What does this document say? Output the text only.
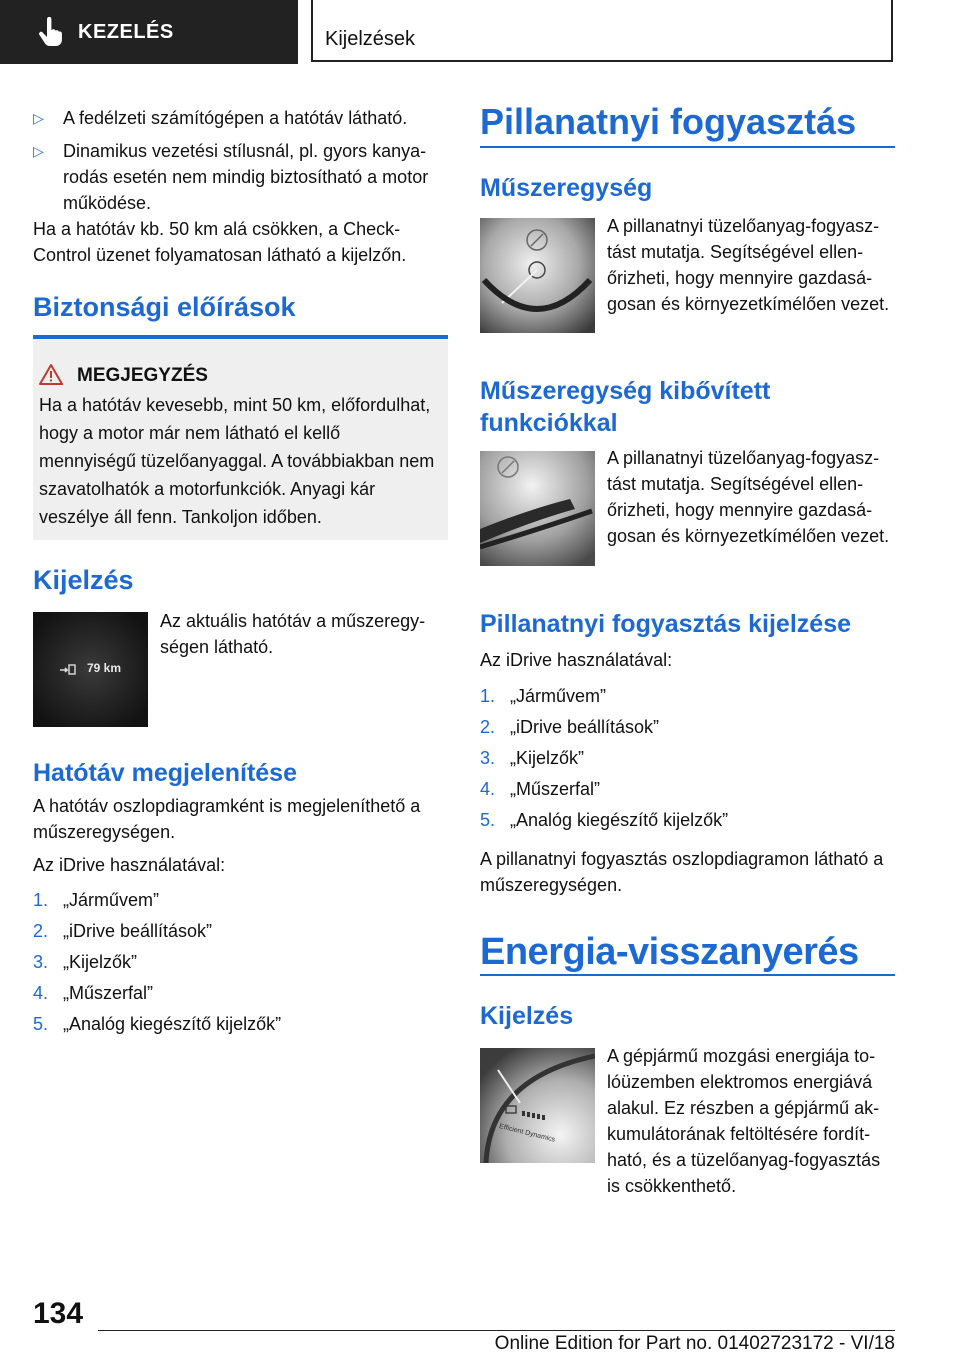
KEZELÉS	Kijelzések
▷ A fedélzeti számítógépen a hatótáv látható.
▷ Dinamikus vezetési stílusnál, pl. gyors kanyarodás esetén nem mindig biztosítható a motor működése.
Ha a hatótáv kb. 50 km alá csökken, a Check-Control üzenet folyamatosan látható a kijelzőn.
Biztonsági előírások
MEGJEGYZÉS
Ha a hatótáv kevesebb, mint 50 km, előfordulhat, hogy a motor már nem látható el kellő mennyiségű tüzelőanyaggal. A továbbiakban nem szavatolhatók a motorfunkciók. Anyagi kár veszélye áll fenn. Tankoljon időben.
Kijelzés
79 km
Az aktuális hatótáv a műszeregységen látható.
Hatótáv megjelenítése
A hatótáv oszlopdiagramként is megjeleníthető a műszeregységen.
Az iDrive használatával:
1. „Járművem”
2. „iDrive beállítások”
3. „Kijelzők”
4. „Műszerfal”
5. „Analóg kiegészítő kijelzők”
Pillanatnyi fogyasztás
Műszeregység
A pillanatnyi tüzelőanyag-fogyasztást mutatja. Segítségével ellenőrizheti, hogy mennyire gazdaságosan és környezetkímélően vezet.
Műszeregység kibővített funkciókkal
A pillanatnyi tüzelőanyag-fogyasztást mutatja. Segítségével ellenőrizheti, hogy mennyire gazdaságosan és környezetkímélően vezet.
Pillanatnyi fogyasztás kijelzése
Az iDrive használatával:
1. „Járművem”
2. „iDrive beállítások”
3. „Kijelzők”
4. „Műszerfal”
5. „Analóg kiegészítő kijelzők”
A pillanatnyi fogyasztás oszlopdiagramon látható a műszeregységen.
Energia-visszanyerés
Kijelzés
Efficient Dynamics
A gépjármű mozgási energiája tolóüzemben elektromos energiává alakul. Ez részben a gépjármű akkumulátorának feltöltésére fordítható, és a tüzelőanyag-fogyasztás is csökkenthető.
134
Online Edition for Part no. 01402723172 - VI/18
